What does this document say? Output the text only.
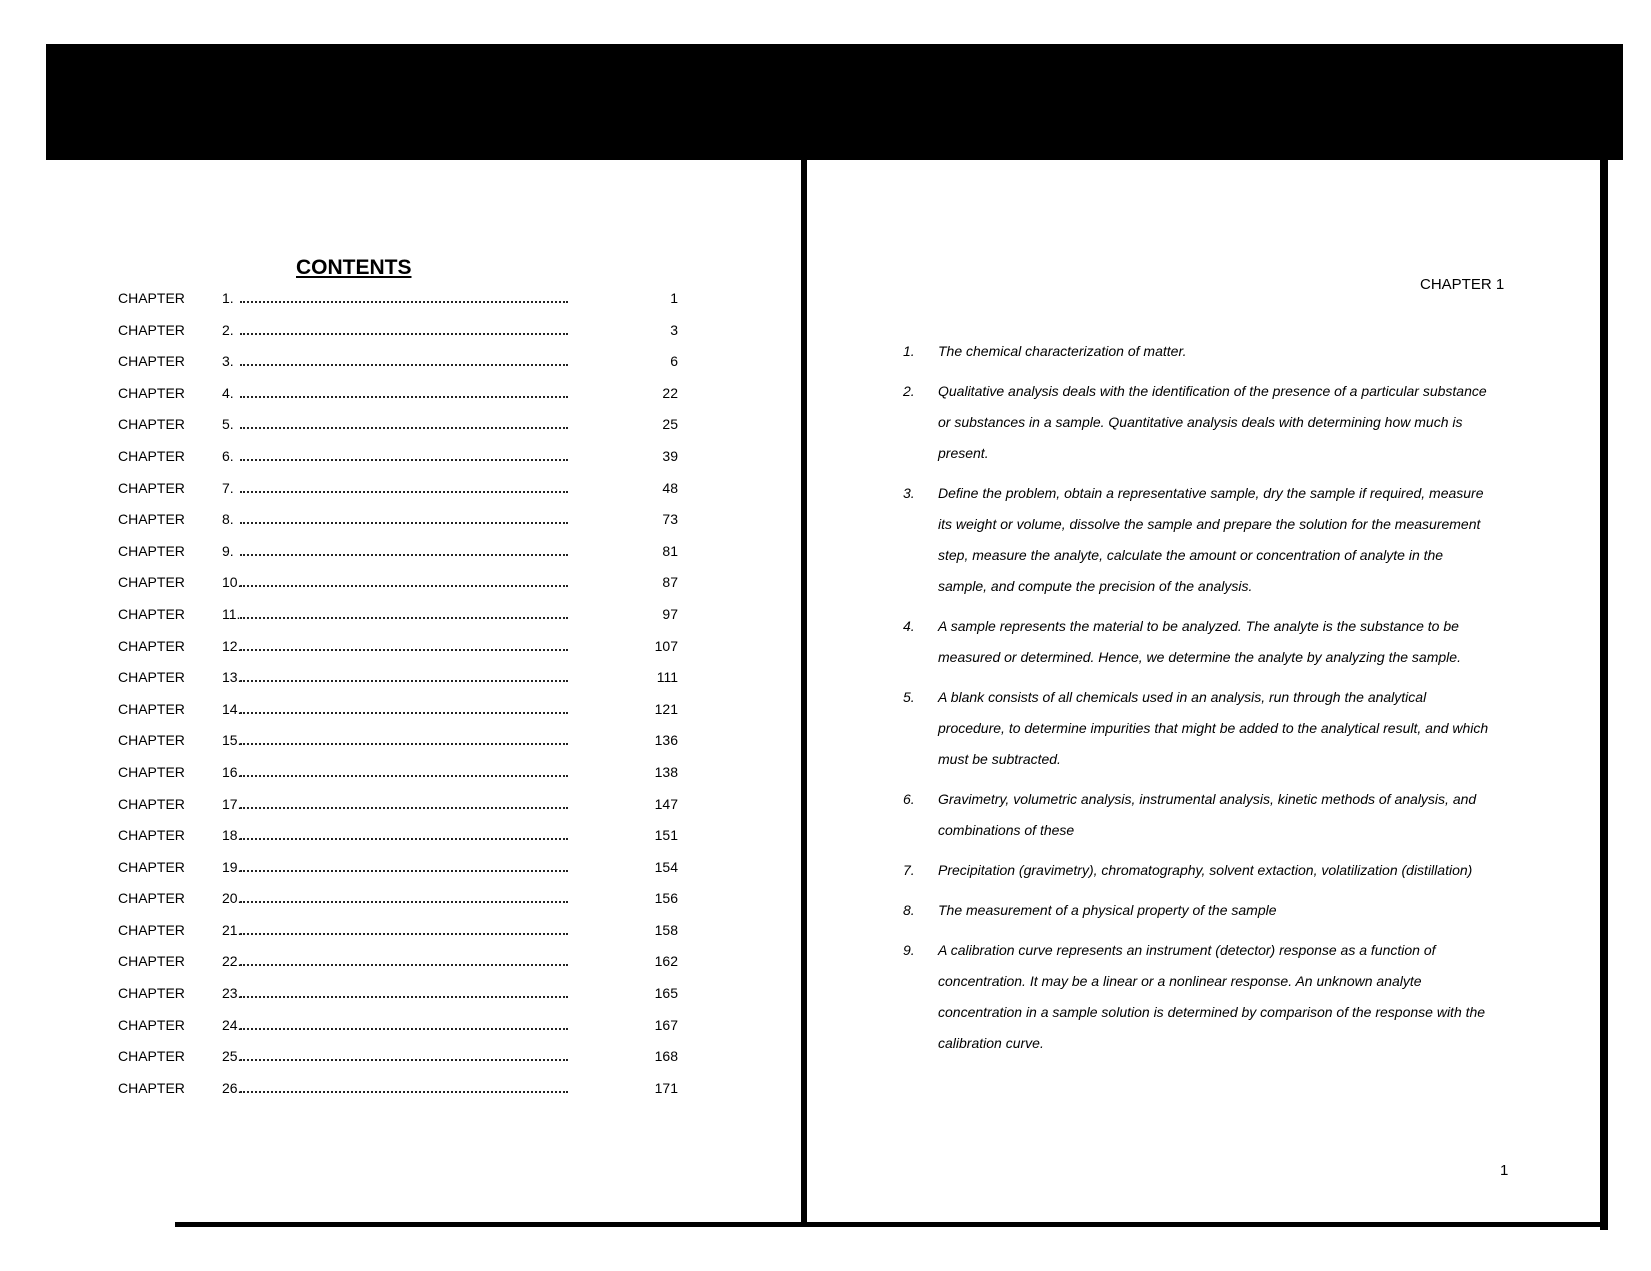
CONTENTS
CHAPTER	1.	1
CHAPTER	2.	3
CHAPTER	3.	6
CHAPTER	4.	22
CHAPTER	5.	25
CHAPTER	6.	39
CHAPTER	7.	48
CHAPTER	8.	73
CHAPTER	9.	81
CHAPTER	10.	87
CHAPTER	11.	97
CHAPTER	12.	107
CHAPTER	13.	111
CHAPTER	14.	121
CHAPTER	15.	136
CHAPTER	16.	138
CHAPTER	17.	147
CHAPTER	18.	151
CHAPTER	19.	154
CHAPTER	20.	156
CHAPTER	21.	158
CHAPTER	22.	162
CHAPTER	23.	165
CHAPTER	24.	167
CHAPTER	25.	168
CHAPTER	26.	171
CHAPTER 1
1. The chemical characterization of matter.
2. Qualitative analysis deals with the identification of the presence of a particular substance or substances in a sample. Quantitative analysis deals with determining how much is present.
3. Define the problem, obtain a representative sample, dry the sample if required, measure its weight or volume, dissolve the sample and prepare the solution for the measurement step, measure the analyte, calculate the amount or concentration of analyte in the sample, and compute the precision of the analysis.
4. A sample represents the material to be analyzed. The analyte is the substance to be measured or determined. Hence, we determine the analyte by analyzing the sample.
5. A blank consists of all chemicals used in an analysis, run through the analytical procedure, to determine impurities that might be added to the analytical result, and which must be subtracted.
6. Gravimetry, volumetric analysis, instrumental analysis, kinetic methods of analysis, and combinations of these
7. Precipitation (gravimetry), chromatography, solvent extaction, volatilization (distillation)
8. The measurement of a physical property of the sample
9. A calibration curve represents an instrument (detector) response as a function of concentration. It may be a linear or a nonlinear response. An unknown analyte concentration in a sample solution is determined by comparison of the response with the calibration curve.
1
